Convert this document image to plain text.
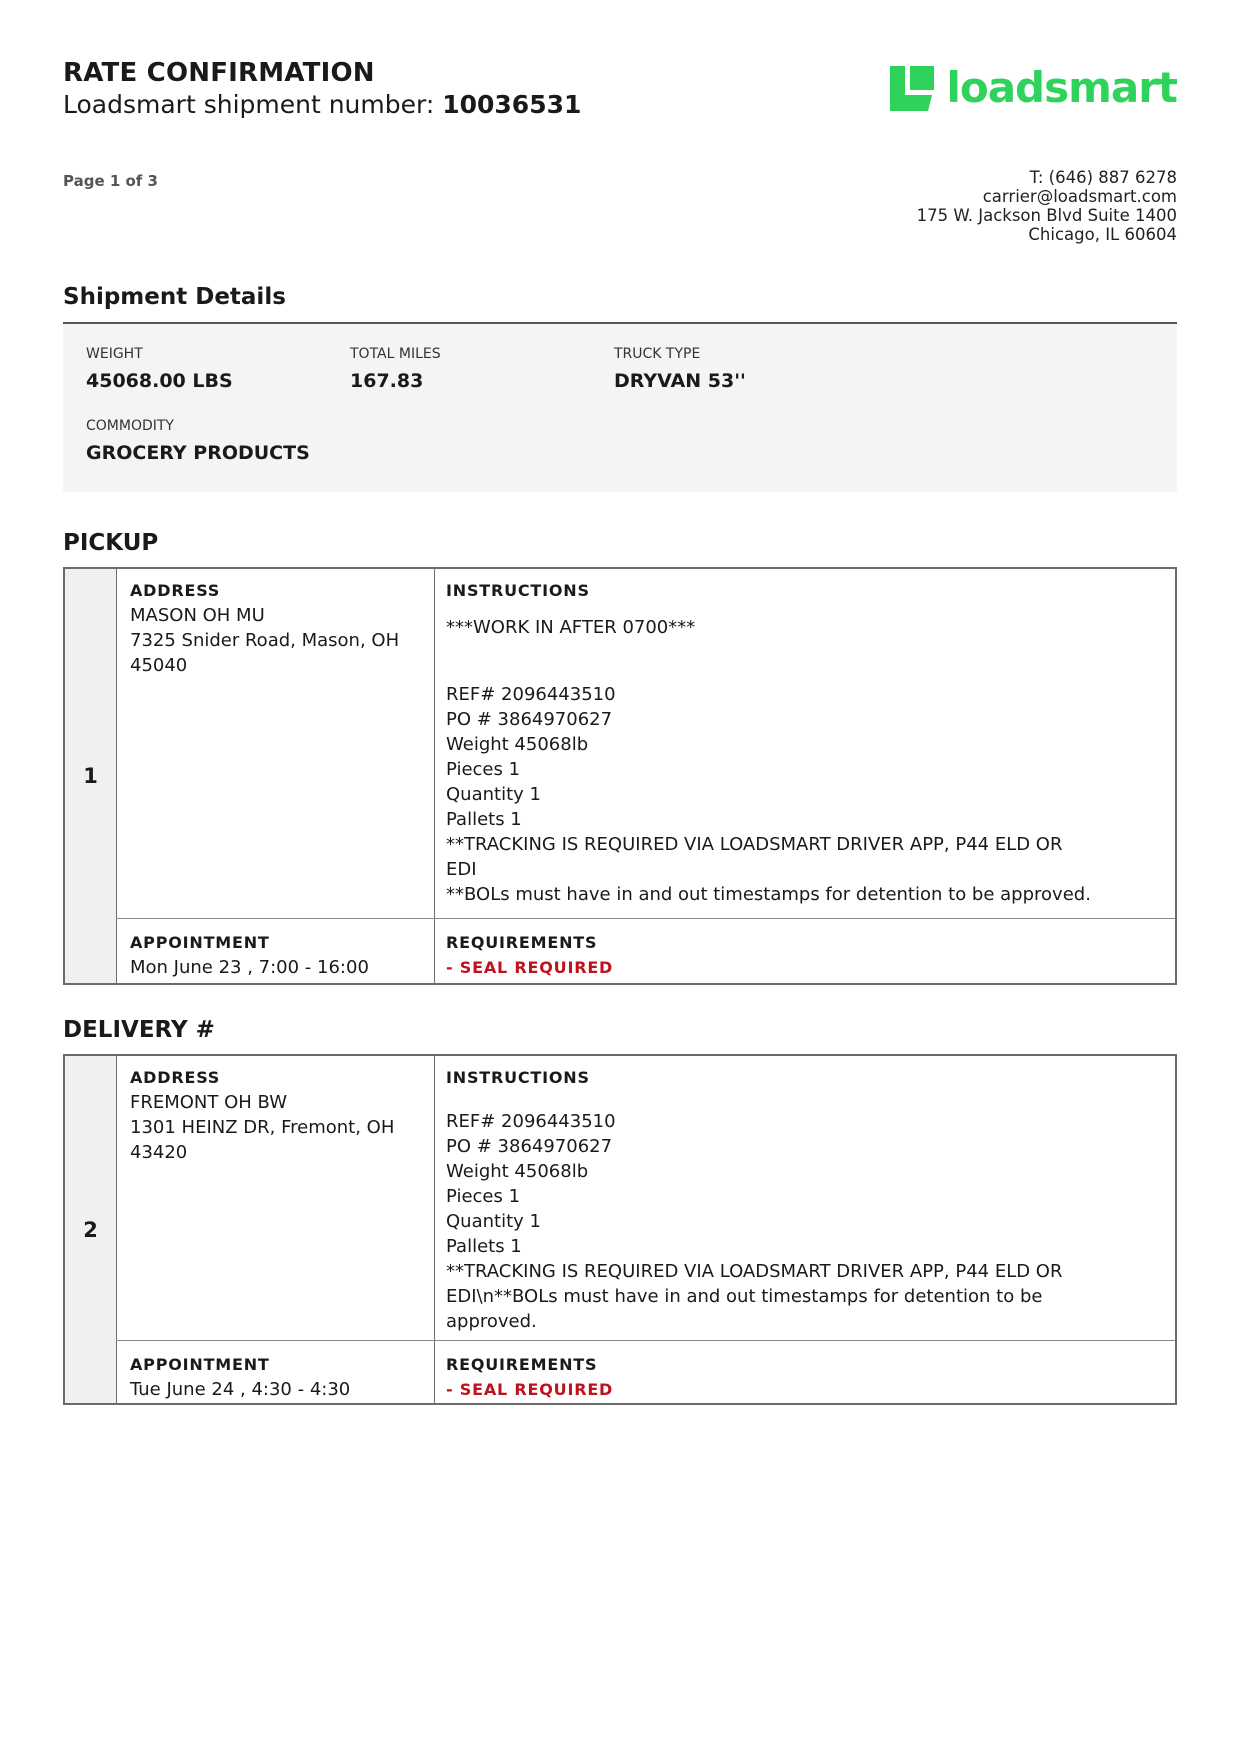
RATE CONFIRMATION
Loadsmart shipment number: 10036531	loadsmart
Page 1 of 3	T: (646) 887 6278
carrier@loadsmart.com
175 W. Jackson Blvd Suite 1400
Chicago, IL 60604
Shipment Details
WEIGHT
45068.00 LBS
TOTAL MILES
167.83
TRUCK TYPE
DRYVAN 53''
COMMODITY
GROCERY PRODUCTS
PICKUP
1
ADDRESS
MASON OH MU
7325 Snider Road, Mason, OH
45040
INSTRUCTIONS
***WORK IN AFTER 0700***
REF# 2096443510
PO # 3864970627
Weight 45068lb
Pieces 1
Quantity 1
Pallets 1
**TRACKING IS REQUIRED VIA LOADSMART DRIVER APP, P44 ELD OR
EDI
**BOLs must have in and out timestamps for detention to be approved.
APPOINTMENT
Mon June 23 , 7:00 - 16:00
REQUIREMENTS
- SEAL REQUIRED
DELIVERY #
2
ADDRESS
FREMONT OH BW
1301 HEINZ DR, Fremont, OH
43420
INSTRUCTIONS
REF# 2096443510
PO # 3864970627
Weight 45068lb
Pieces 1
Quantity 1
Pallets 1
**TRACKING IS REQUIRED VIA LOADSMART DRIVER APP, P44 ELD OR
EDI\n**BOLs must have in and out timestamps for detention to be
approved.
APPOINTMENT
Tue June 24 , 4:30 - 4:30
REQUIREMENTS
- SEAL REQUIRED
